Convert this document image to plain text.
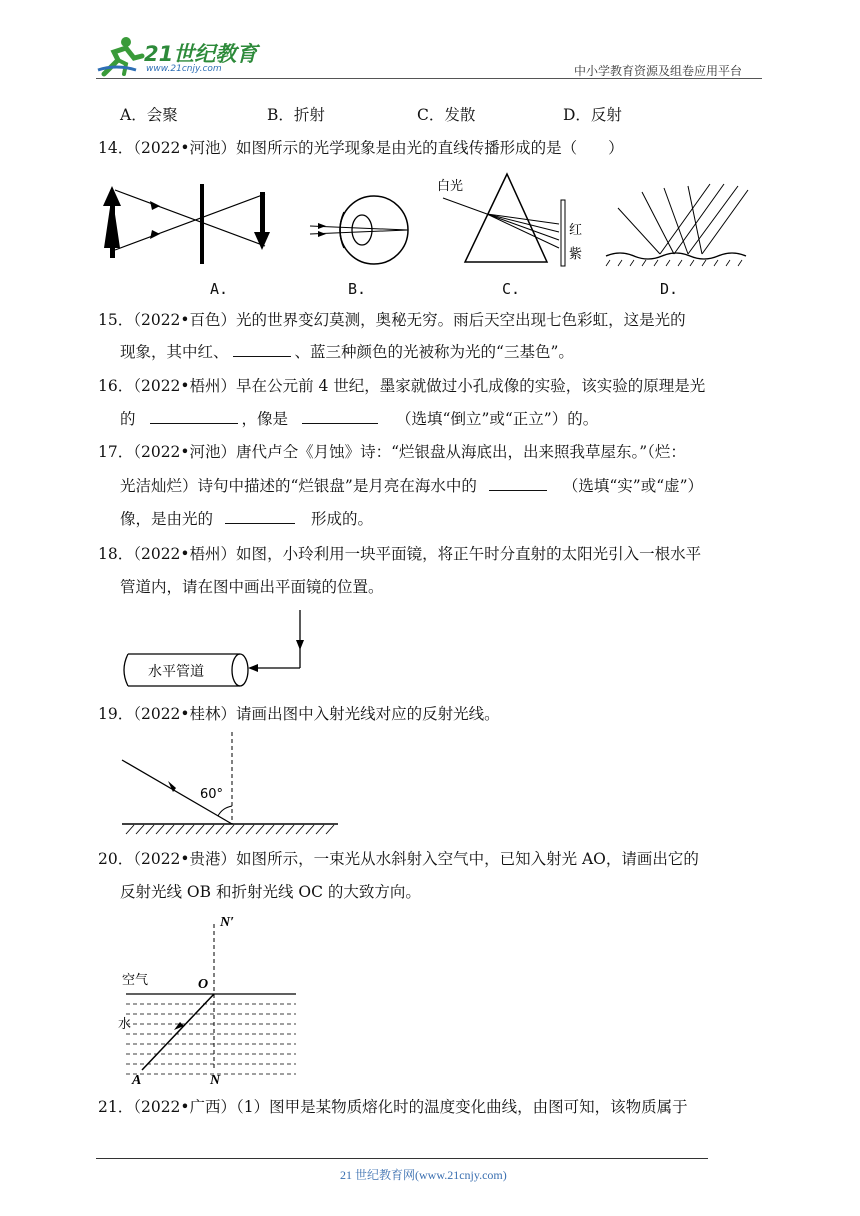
21世纪教育
www.21cnjy.com	中小学教育资源及组卷应用平台
A．会聚	B．折射	C．发散	D．反射
14．（2022•河池）如图所示的光学现象是由光的直线传播形成的是（　　）
白光
红
紫
A.	B.	C.	D.
15．（2022•百色）光的世界变幻莫测，奥秘无穷。雨后天空出现七色彩虹，这是光的
现象，其中红、	、蓝三种颜色的光被称为光的“三基色”。
16．（2022•梧州）早在公元前 4 世纪，墨家就做过小孔成像的实验，该实验的原理是光
的	，像是	（选填“倒立”或“正立”）的。
17．（2022•河池）唐代卢仝《月蚀》诗：“烂银盘从海底出，出来照我草屋东。”（烂：
光洁灿烂）诗句中描述的“烂银盘”是月亮在海水中的	（选填“实”或“虚”）
像，是由光的	形成的。
18．（2022•梧州）如图，小玲利用一块平面镜，将正午时分直射的太阳光引入一根水平
管道内，请在图中画出平面镜的位置。
水平管道
19．（2022•桂林）请画出图中入射光线对应的反射光线。
60°
20．（2022•贵港）如图所示，一束光从水斜射入空气中，已知入射光 AO，请画出它的
反射光线 OB 和折射光线 OC 的大致方向。
N′
O
空气
水
A	N
21．（2022•广西）（1）图甲是某物质熔化时的温度变化曲线，由图可知，该物质属于
21 世纪教育网(www.21cnjy.com)
